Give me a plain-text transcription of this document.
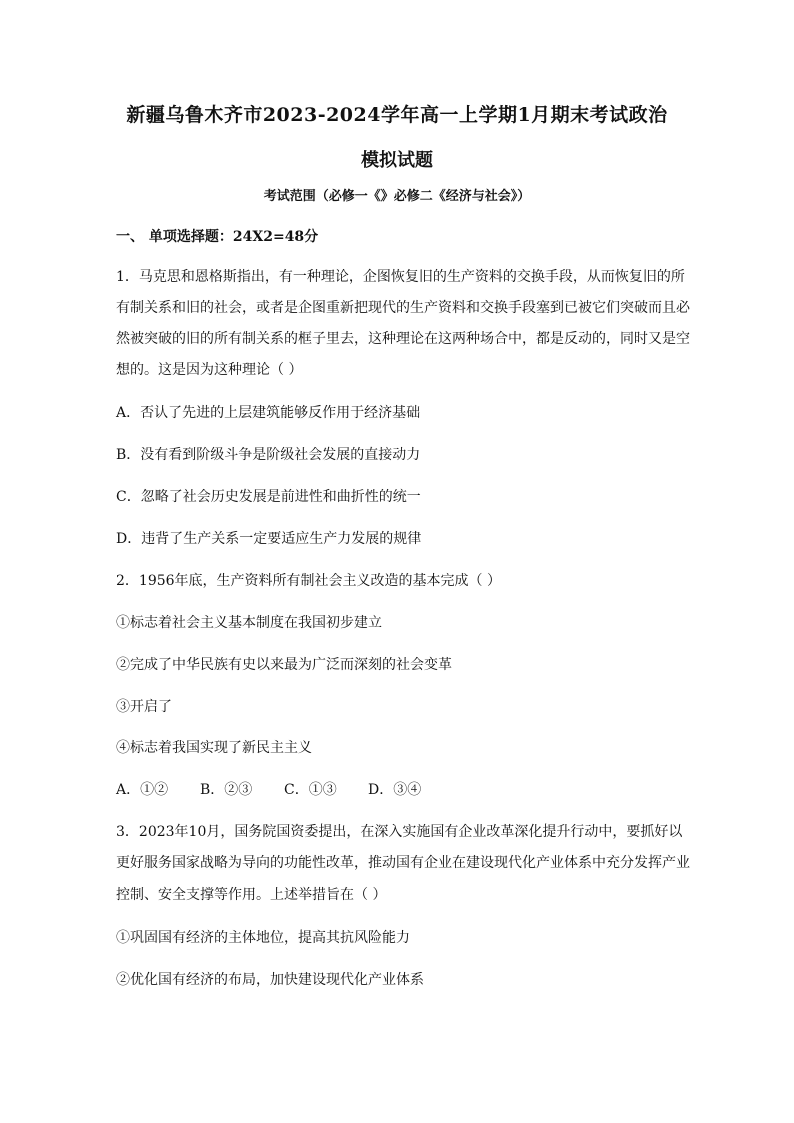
新疆乌鲁木齐市2023-2024学年高一上学期1月期末考试政治
模拟试题
考试范围（必修一《》必修二《经济与社会》）
一、 单项选择题：24X2=48分
1．马克思和恩格斯指出，有一种理论，企图恢复旧的生产资料的交换手段，从而恢复旧的所
有制关系和旧的社会，或者是企图重新把现代的生产资料和交换手段塞到已被它们突破而且必
然被突破的旧的所有制关系的框子里去，这种理论在这两种场合中，都是反动的，同时又是空
想的。这是因为这种理论（ ）
A．否认了先进的上层建筑能够反作用于经济基础
B．没有看到阶级斗争是阶级社会发展的直接动力
C．忽略了社会历史发展是前进性和曲折性的统一
D．违背了生产关系一定要适应生产力发展的规律
2．1956年底，生产资料所有制社会主义改造的基本完成（ ）
①标志着社会主义基本制度在我国初步建立
②完成了中华民族有史以来最为广泛而深刻的社会变革
③开启了
④标志着我国实现了新民主主义
A．①② B．②③ C．①③ D．③④
3．2023年10月，国务院国资委提出，在深入实施国有企业改革深化提升行动中，要抓好以
更好服务国家战略为导向的功能性改革，推动国有企业在建设现代化产业体系中充分发挥产业
控制、安全支撑等作用。上述举措旨在（ ）
①巩固国有经济的主体地位，提高其抗风险能力
②优化国有经济的布局，加快建设现代化产业体系
